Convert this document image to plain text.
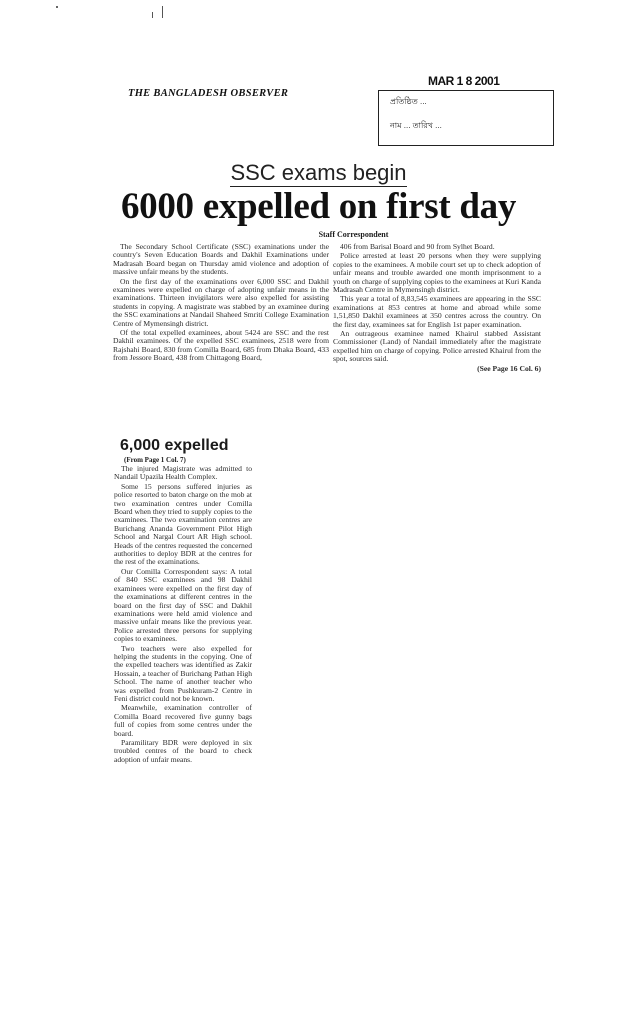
THE BANGLADESH OBSERVER
MAR 1 8 2001
প্রতিষ্ঠিত ...
নাম ... তারিখ ...
SSC exams begin
6000 expelled on first day
Staff Correspondent

The Secondary School Certificate (SSC) examinations under the country's Seven Education Boards and Dakhil Examinations under Madrasah Board began on Thursday amid violence and adoption of massive unfair means by the students.

On the first day of the examinations over 6,000 SSC and Dakhil examinees were expelled on charge of adopting unfair means in the examinations. Thirteen invigilators were also expelled for assisting students in copying. A magistrate was stabbed by an examinee during the SSC examinations at Nandail Shaheed Smriti College Examination Centre of Mymensingh district.

Of the total expelled examinees, about 5424 are SSC and the rest Dakhil examinees. Of the expelled SSC examinees, 2518 were from Rajshahi Board, 830 from Comilla Board, 685 from Dhaka Board, 433 from Jessore Board, 438 from Chittagong Board,

406 from Barisal Board and 90 from Sylhet Board.

Police arrested at least 20 persons when they were supplying copies to the examinees. A mobile court set up to check adoption of unfair means and trouble awarded one month imprisonment to a youth on charge of supplying copies to the examinees at Kuri Kanda Madrasah Centre in Mymensingh district.

This year a total of 8,83,545 examinees are appearing in the SSC examinations at 853 centres at home and abroad while some 1,51,850 Dakhil examinees at 350 centres across the country. On the first day, examinees sat for English 1st paper examination.

An outrageous examinee named Khairul stabbed Assistant Commissioner (Land) of Nandail immediately after the magistrate expelled him on charge of copying. Police arrested Khairul from the spot, sources said.

(See Page 16 Col. 6)

6,000 expelled
(From Page 1 Col. 7)

The injured Magistrate was admitted to Nandail Upazila Health Complex.

Some 15 persons suffered injuries as police resorted to baton charge on the mob at two examination centres under Comilla Board when they tried to supply copies to the examinees. The two examination centres are Burichang Ananda Government Pilot High School and Nargal Court AR High school. Heads of the centres requested the concerned authorities to deploy BDR at the centres for the rest of the examinations.

Our Comilla Correspondent says: A total of 840 SSC examinees and 98 Dakhil examinees were expelled on the first day of the examinations at different centres in the board on the first day of SSC and Dakhil examinations were held amid violence and massive unfair means like the previous year. Police arrested three persons for supplying copies to examinees.

Two teachers were also expelled for helping the students in the copying. One of the expelled teachers was identified as Zakir Hossain, a teacher of Burichang Pathan High School. The name of another teacher who was expelled from Pushkuram-2 Centre in Feni district could not be known.

Meanwhile, examination controller of Comilla Board recovered five gunny bags full of copies from some centres under the board.

Paramilitary BDR were deployed in six troubled centres of the board to check adoption of unfair means.
